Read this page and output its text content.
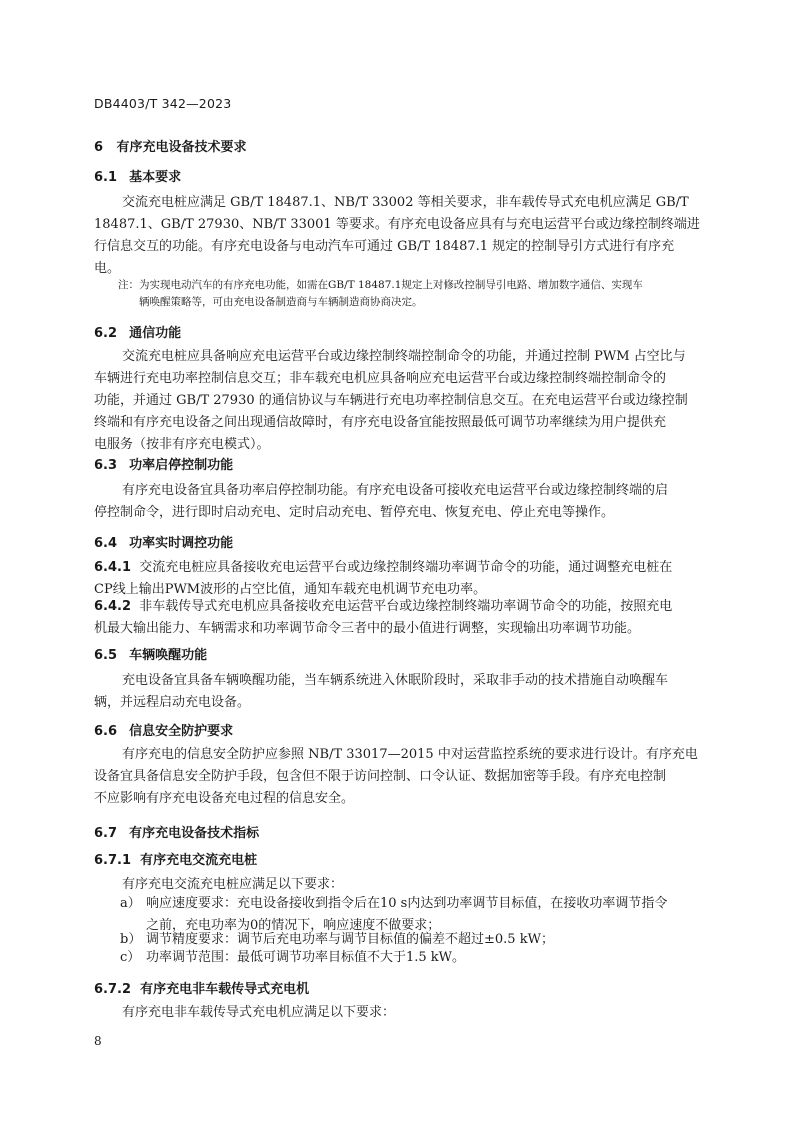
DB4403/T 342—2023
6 有序充电设备技术要求
6.1 基本要求
交流充电桩应满足 GB/T 18487.1、NB/T 33002 等相关要求，非车载传导式充电机应满足 GB/T
18487.1、GB/T 27930、NB/T 33001 等要求。有序充电设备应具有与充电运营平台或边缘控制终端进
行信息交互的功能。有序充电设备与电动汽车可通过 GB/T 18487.1 规定的控制导引方式进行有序充
电。
注：为实现电动汽车的有序充电功能，如需在GB/T 18487.1规定上对修改控制导引电路、增加数字通信、实现车
辆唤醒策略等，可由充电设备制造商与车辆制造商协商决定。
6.2 通信功能
交流充电桩应具备响应充电运营平台或边缘控制终端控制命令的功能，并通过控制 PWM 占空比与
车辆进行充电功率控制信息交互；非车载充电机应具备响应充电运营平台或边缘控制终端控制命令的
功能，并通过 GB/T 27930 的通信协议与车辆进行充电功率控制信息交互。在充电运营平台或边缘控制
终端和有序充电设备之间出现通信故障时，有序充电设备宜能按照最低可调节功率继续为用户提供充
电服务（按非有序充电模式）。
6.3 功率启停控制功能
有序充电设备宜具备功率启停控制功能。有序充电设备可接收充电运营平台或边缘控制终端的启
停控制命令，进行即时启动充电、定时启动充电、暂停充电、恢复充电、停止充电等操作。
6.4 功率实时调控功能
6.4.1 交流充电桩应具备接收充电运营平台或边缘控制终端功率调节命令的功能，通过调整充电桩在
CP线上输出PWM波形的占空比值，通知车载充电机调节充电功率。
6.4.2 非车载传导式充电机应具备接收充电运营平台或边缘控制终端功率调节命令的功能，按照充电
机最大输出能力、车辆需求和功率调节命令三者中的最小值进行调整，实现输出功率调节功能。
6.5 车辆唤醒功能
充电设备宜具备车辆唤醒功能，当车辆系统进入休眠阶段时，采取非手动的技术措施自动唤醒车
辆，并远程启动充电设备。
6.6 信息安全防护要求
有序充电的信息安全防护应参照 NB/T 33017—2015 中对运营监控系统的要求进行设计。有序充电
设备宜具备信息安全防护手段，包含但不限于访问控制、口令认证、数据加密等手段。有序充电控制
不应影响有序充电设备充电过程的信息安全。
6.7 有序充电设备技术指标
6.7.1 有序充电交流充电桩
有序充电交流充电桩应满足以下要求：
a） 响应速度要求：充电设备接收到指令后在10 s内达到功率调节目标值，在接收功率调节指令
之前，充电功率为0的情况下，响应速度不做要求；
b） 调节精度要求：调节后充电功率与调节目标值的偏差不超过±0.5 kW；
c） 功率调节范围：最低可调节功率目标值不大于1.5 kW。
6.7.2 有序充电非车载传导式充电机
有序充电非车载传导式充电机应满足以下要求：
8
